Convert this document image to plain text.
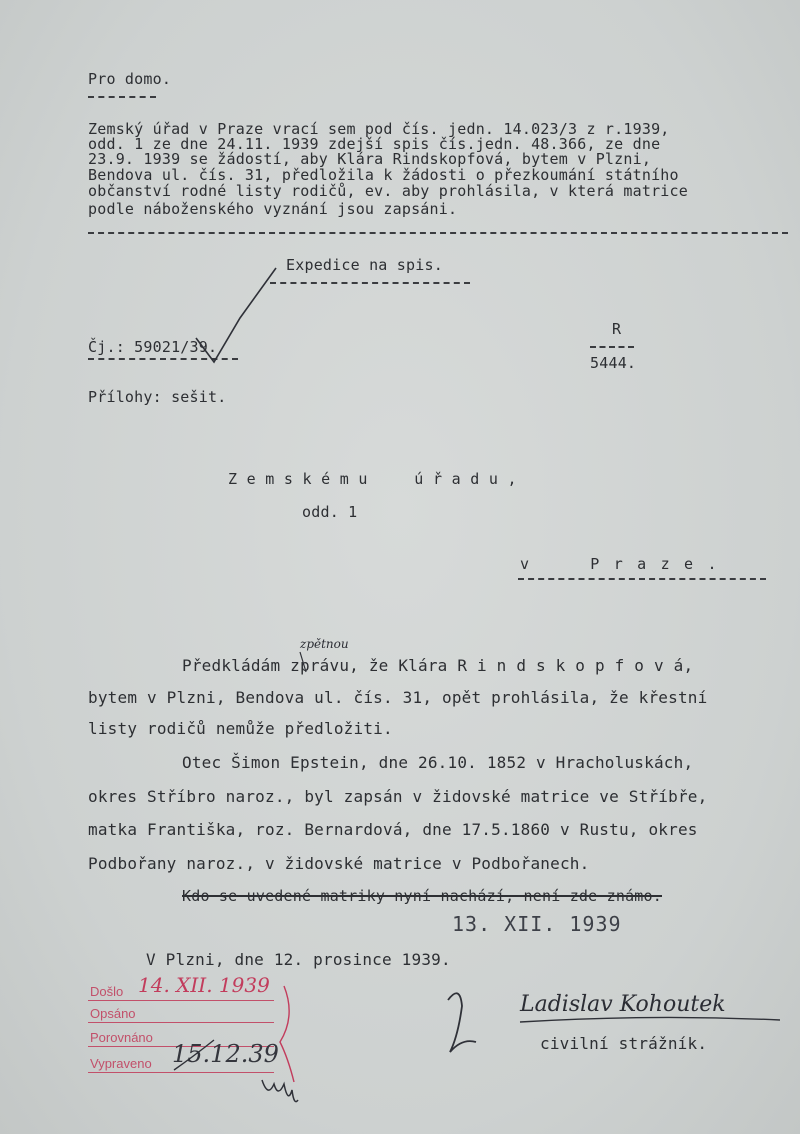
Pro domo.
Zemský úřad v Praze vrací sem pod čís. jedn. 14.023/3 z r.1939,
odd. 1 ze dne 24.11. 1939 zdejší spis čís.jedn. 48.366, ze dne
23.9. 1939 se žádostí, aby Klára Rindskopfová, bytem v Plzni,
Bendova ul. čís. 31, předložila k žádosti o přezkoumání státního
občanství rodné listy rodičů, ev. aby prohlásila, v která matrice
podle náboženského vyznání jsou zapsáni.
Expedice na spis.
Čj.: 59021/39.
R
5444.
Přílohy: sešit.
Zemskému  úřadu,
odd. 1
v  Praze.
Předkládám zprávu, že Klára R i n d s k o p f o v á,
bytem v Plzni, Bendova ul. čís. 31, opět prohlásila, že křestní
listy rodičů nemůže předložiti.
zpětnou
Otec Šimon Epstein, dne 26.10. 1852 v Hracholuskách,
okres Stříbro naroz., byl zapsán v židovské matrice ve Stříbře,
matka Františka, roz. Bernardová, dne 17.5.1860 v Rustu, okres
Podbořany naroz., v židovské matrice v Podbořanech.
Kdo se uvedené matriky nyní nachází, není zde známo.
13. XII. 1939
V Plzni, dne 12. prosince 1939.
Ladislav Kohoutek
civilní strážník.
Došlo
Opsáno
Porovnáno
Vypraveno
14. XII. 1939
15.12.39
